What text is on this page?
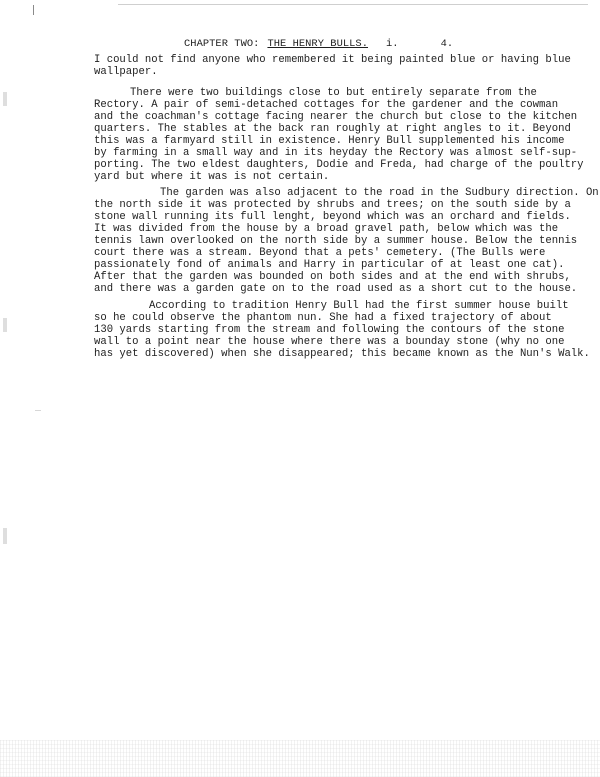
CHAPTER TWO: THE HENRY BULLS. i.	4.
I could not find anyone who remembered it being painted blue or having blue
wallpaper.
There were two buildings close to but entirely separate from the
Rectory. A pair of semi-detached cottages for the gardener and the cowman
and the coachman's cottage facing nearer the church but close to the kitchen
quarters. The stables at the back ran roughly at right angles to it. Beyond
this was a farmyard still in existence. Henry Bull supplemented his income
by farming in a small way and in its heyday the Rectory was almost self-sup-
porting. The two eldest daughters, Dodie and Freda, had charge of the poultry
yard but where it was is not certain.
The garden was also adjacent to the road in the Sudbury direction. On
the north side it was protected by shrubs and trees; on the south side by a
stone wall running its full lenght, beyond which was an orchard and fields.
It was divided from the house by a broad gravel path, below which was the
tennis lawn overlooked on the north side by a summer house. Below the tennis
court there was a stream. Beyond that a pets' cemetery. (The Bulls were
passionately fond of animals and Harry in particular of at least one cat).
After that the garden was bounded on both sides and at the end with shrubs,
and there was a garden gate on to the road used as a short cut to the house.
According to tradition Henry Bull had the first summer house built
so he could observe the phantom nun. She had a fixed trajectory of about
130 yards starting from the stream and following the contours of the stone
wall to a point near the house where there was a bounday stone (why no one
has yet discovered) when she disappeared; this became known as the Nun's Walk.
